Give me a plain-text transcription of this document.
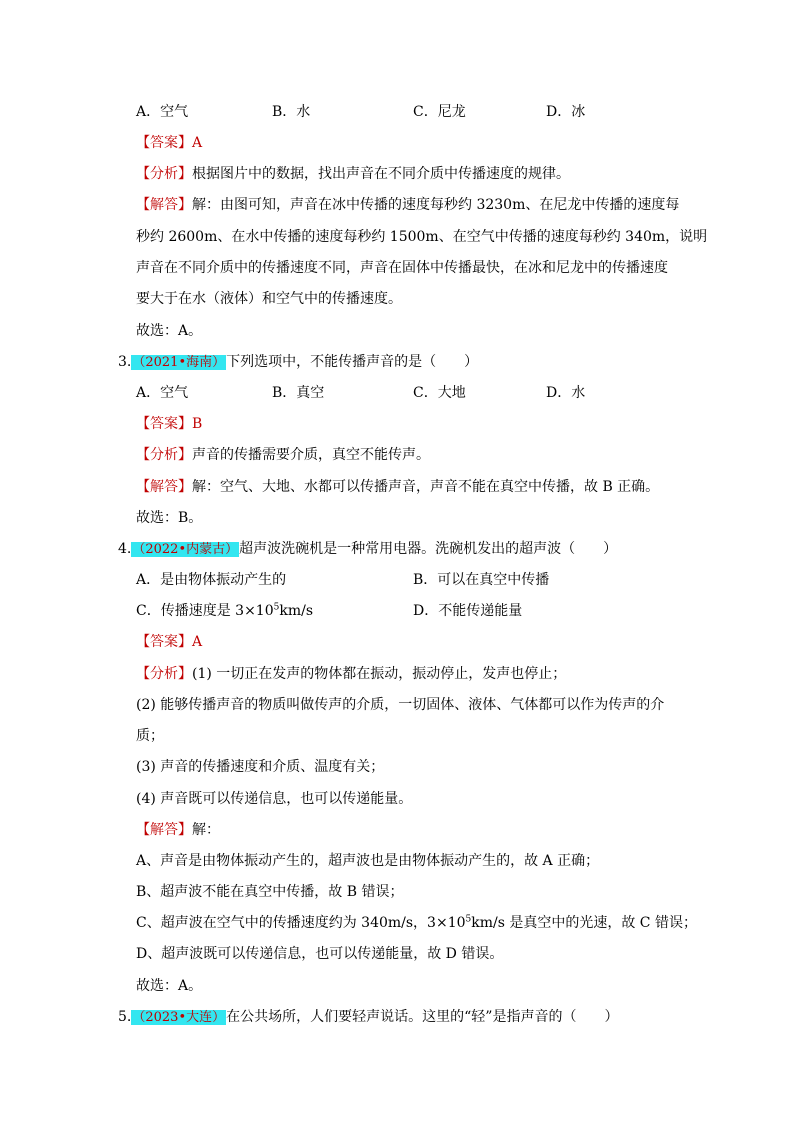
A．空气	B．水	C．尼龙	D．冰
【答案】A
【分析】根据图片中的数据，找出声音在不同介质中传播速度的规律。
【解答】解：由图可知，声音在冰中传播的速度每秒约 3230m、在尼龙中传播的速度每
秒约 2600m、在水中传播的速度每秒约 1500m、在空气中传播的速度每秒约 340m，说明
声音在不同介质中的传播速度不同，声音在固体中传播最快，在冰和尼龙中的传播速度
要大于在水（液体）和空气中的传播速度。
故选：A。
3.（2021•海南）下列选项中，不能传播声音的是（　　）
A．空气	B．真空	C．大地	D．水
【答案】B
【分析】声音的传播需要介质，真空不能传声。
【解答】解：空气、大地、水都可以传播声音，声音不能在真空中传播，故 B 正确。
故选：B。
4.（2022•内蒙古）超声波洗碗机是一种常用电器。洗碗机发出的超声波（　　）
A．是由物体振动产生的	B．可以在真空中传播
C．传播速度是 $3\times 10^5km/s$	D．不能传递能量
【答案】A
【分析】(1) 一切正在发声的物体都在振动，振动停止，发声也停止；
(2) 能够传播声音的物质叫做传声的介质，一切固体、液体、气体都可以作为传声的介
质；
(3) 声音的传播速度和介质、温度有关；
(4) 声音既可以传递信息，也可以传递能量。
【解答】解：
A、声音是由物体振动产生的，超声波也是由物体振动产生的，故 A 正确；
B、超声波不能在真空中传播，故 B 错误；
C、超声波在空气中的传播速度约为 340m/s，$3\times 10^5km/s$ 是真空中的光速，故 C 错误；
D、超声波既可以传递信息，也可以传递能量，故 D 错误。
故选：A。
5.（2023•大连）在公共场所，人们要轻声说话。这里的“轻”是指声音的（　　）
